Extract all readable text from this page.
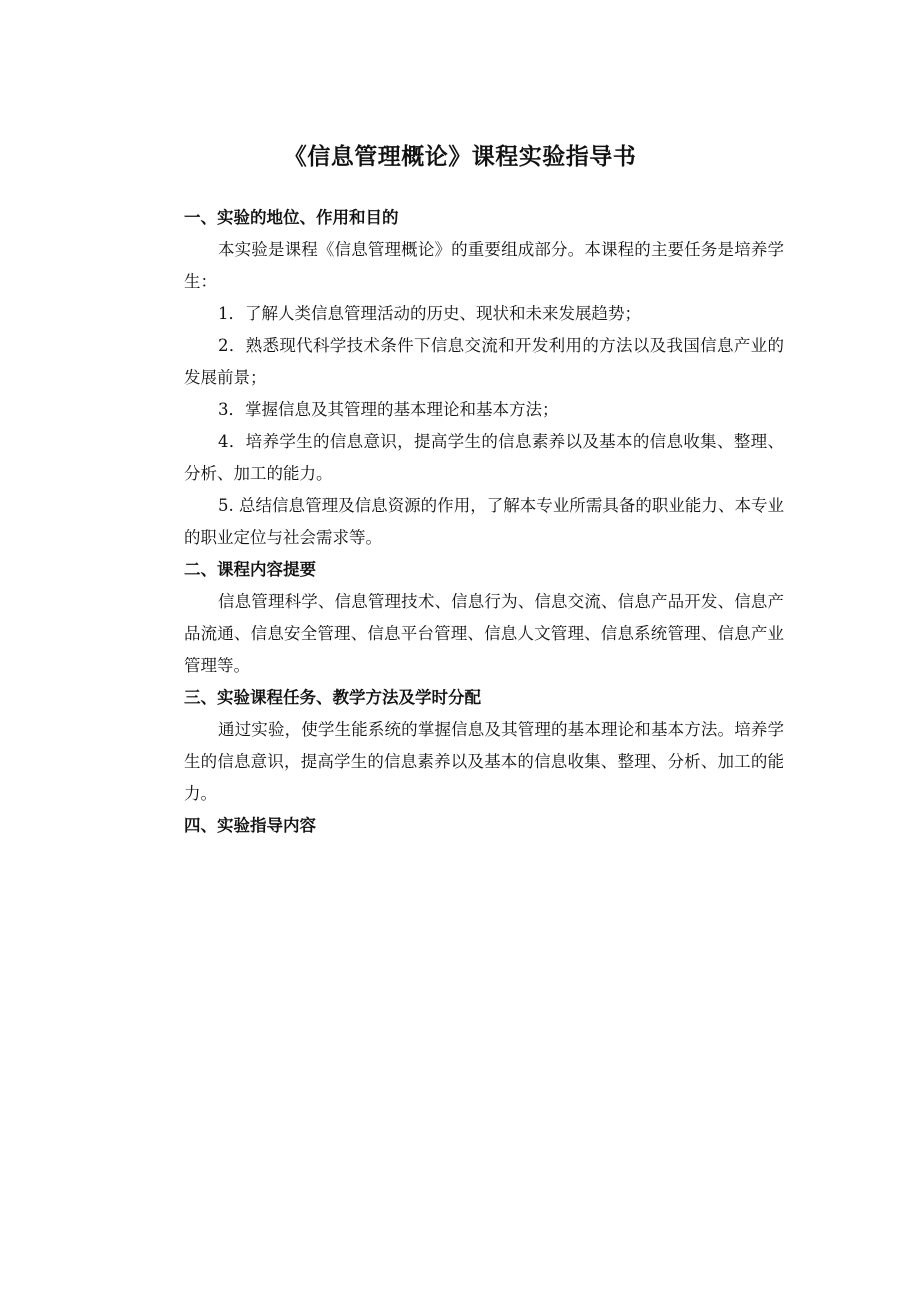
《信息管理概论》课程实验指导书

一、实验的地位、作用和目的

本实验是课程《信息管理概论》的重要组成部分。本课程的主要任务是培养学生：

1．了解人类信息管理活动的历史、现状和未来发展趋势；

2．熟悉现代科学技术条件下信息交流和开发利用的方法以及我国信息产业的发展前景；

3．掌握信息及其管理的基本理论和基本方法；

4．培养学生的信息意识，提高学生的信息素养以及基本的信息收集、整理、分析、加工的能力。

5. 总结信息管理及信息资源的作用，了解本专业所需具备的职业能力、本专业的职业定位与社会需求等。

二、课程内容提要

信息管理科学、信息管理技术、信息行为、信息交流、信息产品开发、信息产品流通、信息安全管理、信息平台管理、信息人文管理、信息系统管理、信息产业管理等。

三、实验课程任务、教学方法及学时分配

通过实验，使学生能系统的掌握信息及其管理的基本理论和基本方法。培养学生的信息意识，提高学生的信息素养以及基本的信息收集、整理、分析、加工的能力。

四、实验指导内容
